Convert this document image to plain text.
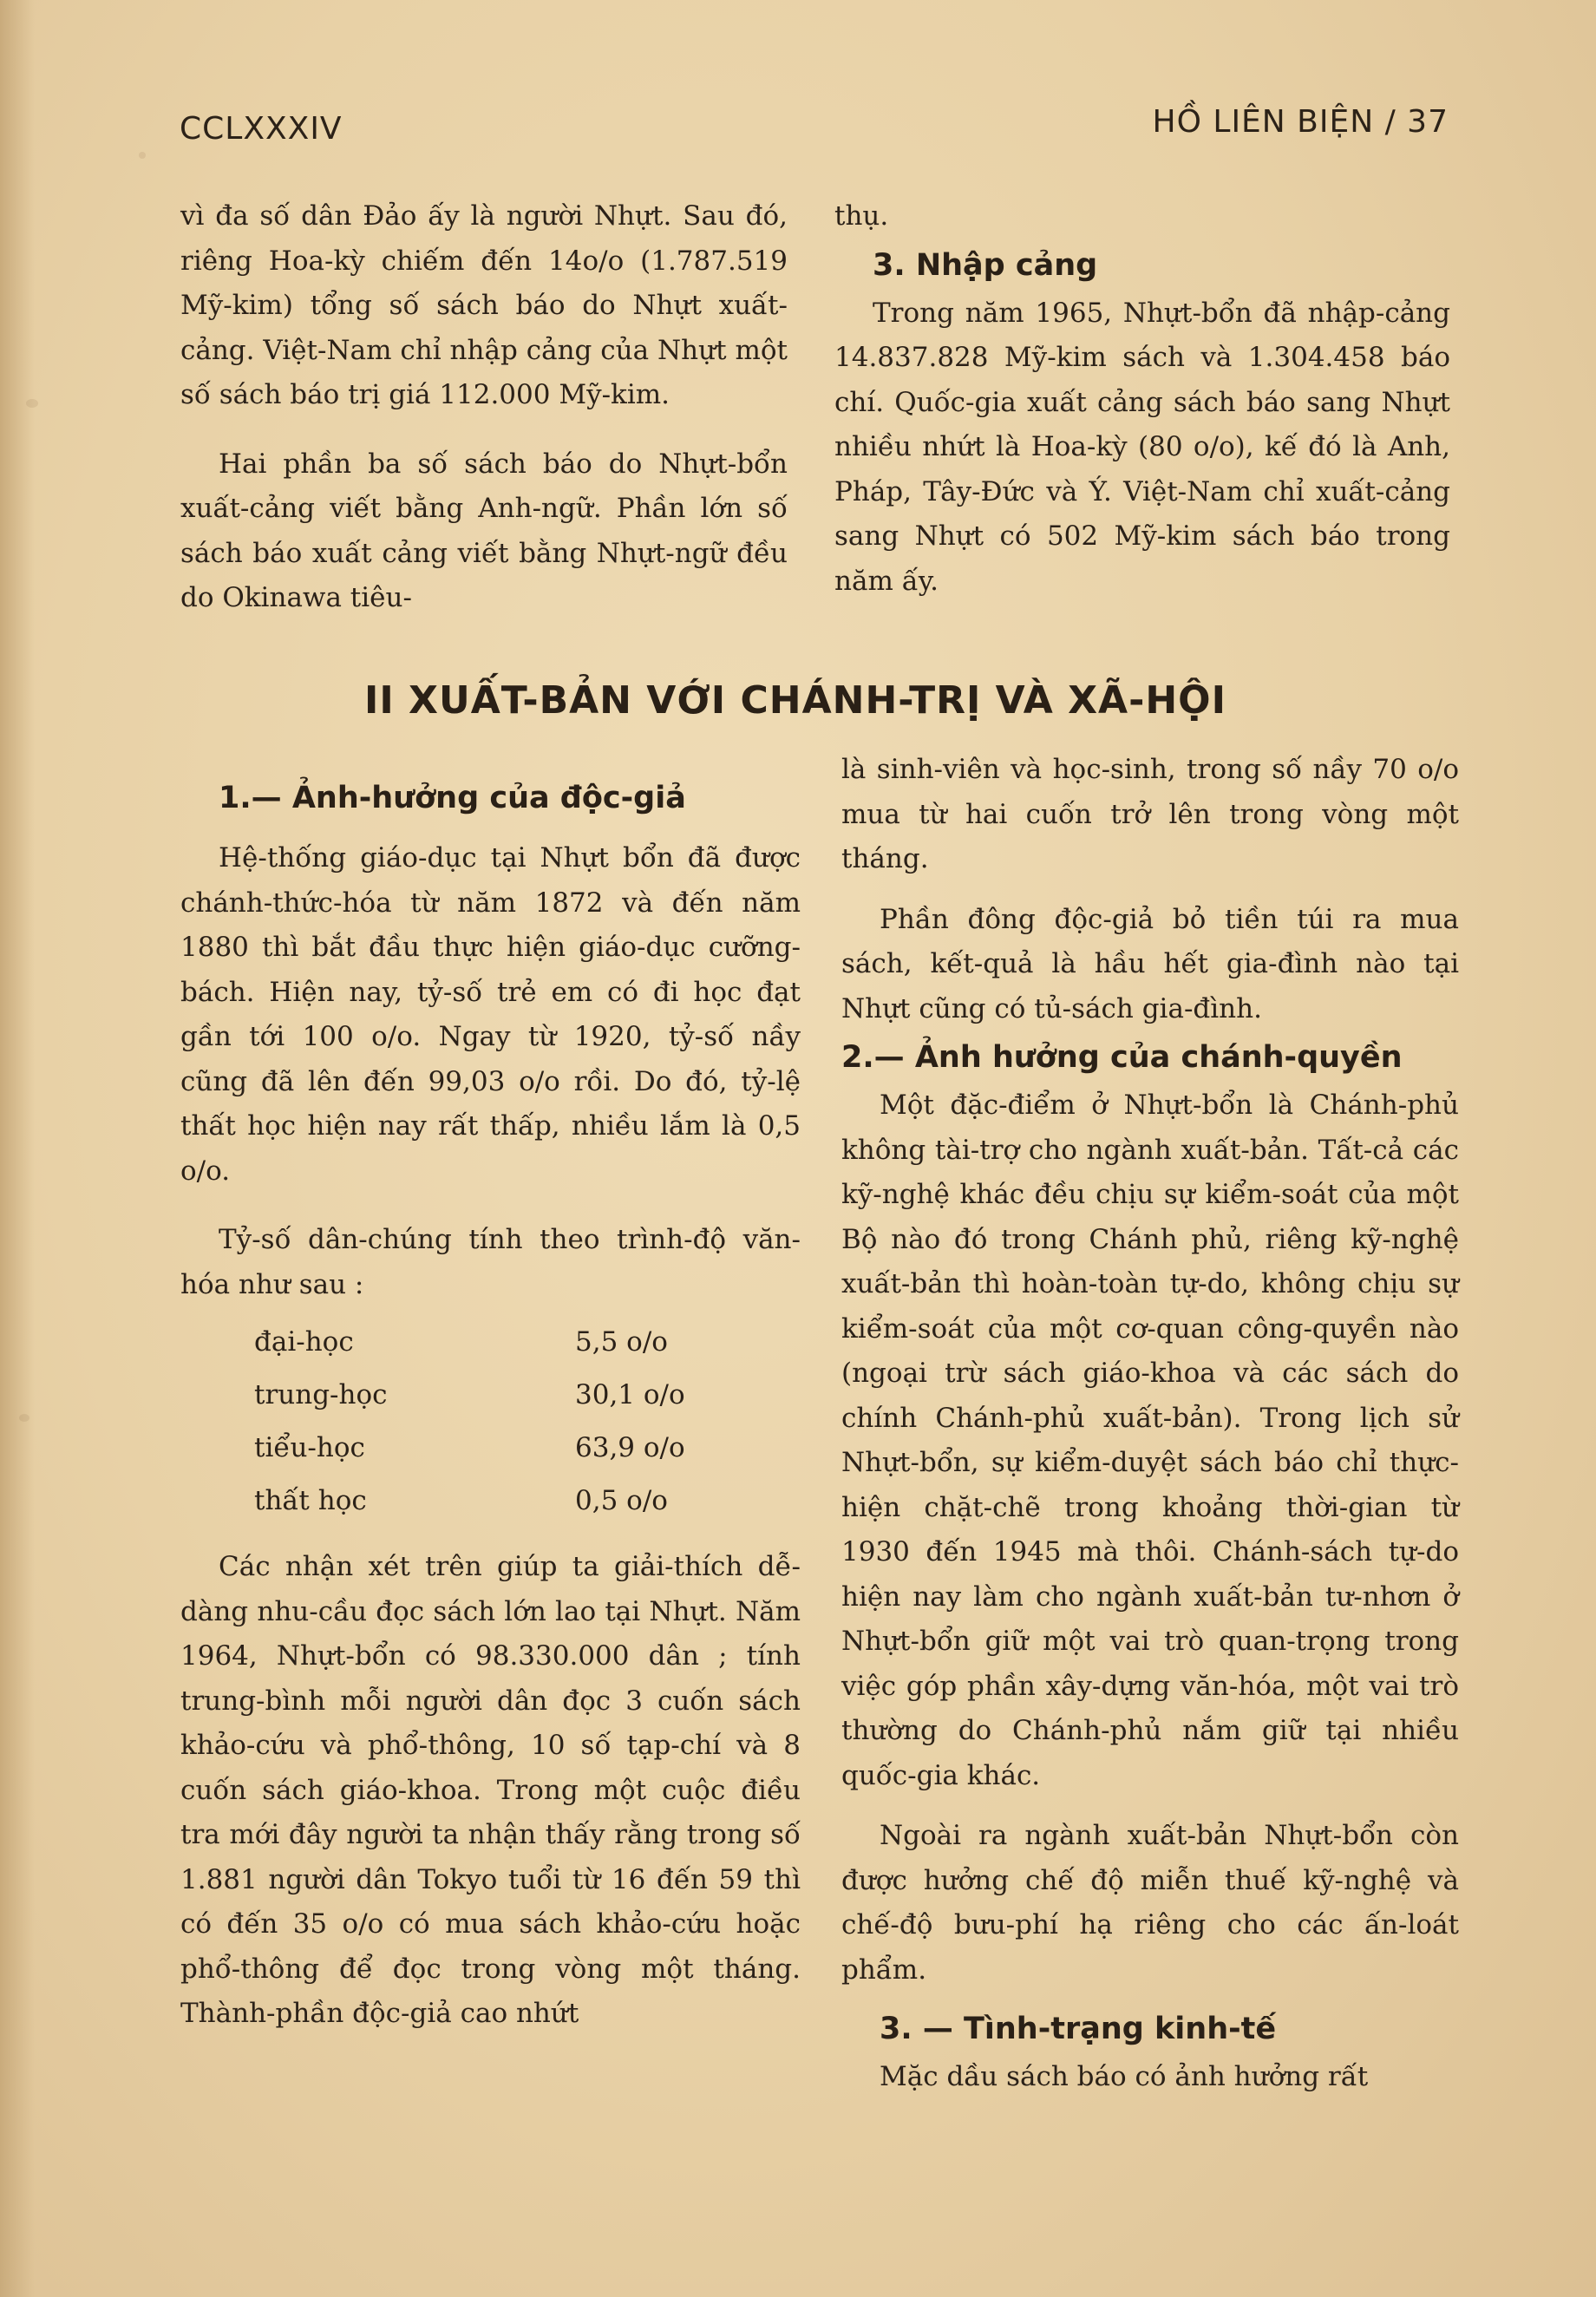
CCLXXXIV	HỒ LIÊN BIỆN / 37

vì đa số dân Đảo ấy là người Nhựt. Sau đó, riêng Hoa-kỳ chiếm đến 14o/o (1.787.519 Mỹ-kim) tổng số sách báo do Nhựt xuất-cảng. Việt-Nam chỉ nhập cảng của Nhựt một số sách báo trị giá 112.000 Mỹ-kim.

Hai phần ba số sách báo do Nhựt-bổn xuất-cảng viết bằng Anh-ngữ. Phần lớn số sách báo xuất cảng viết bằng Nhựt-ngữ đều do Okinawa tiêu-

thụ.

3. Nhập cảng

Trong năm 1965, Nhựt-bổn đã nhập-cảng 14.837.828 Mỹ-kim sách và 1.304.458 báo chí. Quốc-gia xuất cảng sách báo sang Nhựt nhiều nhứt là Hoa-kỳ (80 o/o), kế đó là Anh, Pháp, Tây-Đức và Ý. Việt-Nam chỉ xuất-cảng sang Nhựt có 502 Mỹ-kim sách báo trong năm ấy.

II XUẤT-BẢN VỚI CHÁNH-TRỊ VÀ XÃ-HỘI
1.— Ảnh-hưởng của độc-giả

Hệ-thống giáo-dục tại Nhựt bổn đã được chánh-thức-hóa từ năm 1872 và đến năm 1880 thì bắt đầu thực hiện giáo-dục cưỡng-bách. Hiện nay, tỷ-số trẻ em có đi học đạt gần tới 100 o/o. Ngay từ 1920, tỷ-số nầy cũng đã lên đến 99,03 o/o rồi. Do đó, tỷ-lệ thất học hiện nay rất thấp, nhiều lắm là 0,5 o/o.

Tỷ-số dân-chúng tính theo trình-độ văn-hóa như sau :

đại-học	5,5 o/o
trung-học	30,1 o/o
tiểu-học	63,9 o/o
thất học	0,5 o/o

Các nhận xét trên giúp ta giải-thích dễ-dàng nhu-cầu đọc sách lớn lao tại Nhựt. Năm 1964, Nhựt-bổn có 98.330.000 dân ; tính trung-bình mỗi người dân đọc 3 cuốn sách khảo-cứu và phổ-thông, 10 số tạp-chí và 8 cuốn sách giáo-khoa. Trong một cuộc điều tra mới đây người ta nhận thấy rằng trong số 1.881 người dân Tokyo tuổi từ 16 đến 59 thì có đến 35 o/o có mua sách khảo-cứu hoặc phổ-thông để đọc trong vòng một tháng. Thành-phần độc-giả cao nhứt

là sinh-viên và học-sinh, trong số nầy 70 o/o mua từ hai cuốn trở lên trong vòng một tháng.

Phần đông độc-giả bỏ tiền túi ra mua sách, kết-quả là hầu hết gia-đình nào tại Nhựt cũng có tủ-sách gia-đình.

2.— Ảnh hưởng của chánh-quyền

Một đặc-điểm ở Nhựt-bổn là Chánh-phủ không tài-trợ cho ngành xuất-bản. Tất-cả các kỹ-nghệ khác đều chịu sự kiểm-soát của một Bộ nào đó trong Chánh phủ, riêng kỹ-nghệ xuất-bản thì hoàn-toàn tự-do, không chịu sự kiểm-soát của một cơ-quan công-quyền nào (ngoại trừ sách giáo-khoa và các sách do chính Chánh-phủ xuất-bản). Trong lịch sử Nhựt-bổn, sự kiểm-duyệt sách báo chỉ thực-hiện chặt-chẽ trong khoảng thời-gian từ 1930 đến 1945 mà thôi. Chánh-sách tự-do hiện nay làm cho ngành xuất-bản tư-nhơn ở Nhựt-bổn giữ một vai trò quan-trọng trong việc góp phần xây-dựng văn-hóa, một vai trò thường do Chánh-phủ nắm giữ tại nhiều quốc-gia khác.

Ngoài ra ngành xuất-bản Nhựt-bổn còn được hưởng chế độ miễn thuế kỹ-nghệ và chế-độ bưu-phí hạ riêng cho các ấn-loát phẩm.

3. — Tình-trạng kinh-tế

Mặc dầu sách báo có ảnh hưởng rất
